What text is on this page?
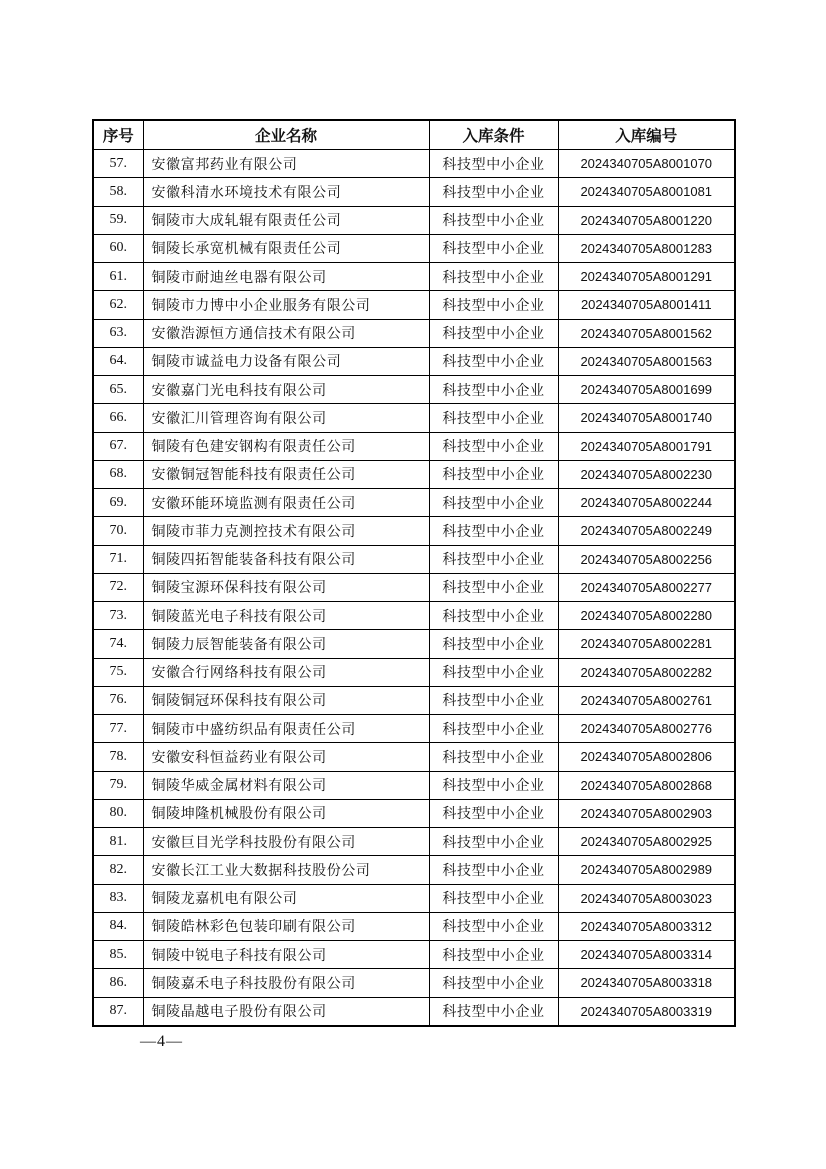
序号	企业名称	入库条件	入库编号
57.	安徽富邦药业有限公司	科技型中小企业	2024340705A8001070
58.	安徽科清水环境技术有限公司	科技型中小企业	2024340705A8001081
59.	铜陵市大成轧辊有限责任公司	科技型中小企业	2024340705A8001220
60.	铜陵长承宽机械有限责任公司	科技型中小企业	2024340705A8001283
61.	铜陵市耐迪丝电器有限公司	科技型中小企业	2024340705A8001291
62.	铜陵市力博中小企业服务有限公司	科技型中小企业	2024340705A8001411
63.	安徽浩源恒方通信技术有限公司	科技型中小企业	2024340705A8001562
64.	铜陵市诚益电力设备有限公司	科技型中小企业	2024340705A8001563
65.	安徽嘉门光电科技有限公司	科技型中小企业	2024340705A8001699
66.	安徽汇川管理咨询有限公司	科技型中小企业	2024340705A8001740
67.	铜陵有色建安钢构有限责任公司	科技型中小企业	2024340705A8001791
68.	安徽铜冠智能科技有限责任公司	科技型中小企业	2024340705A8002230
69.	安徽环能环境监测有限责任公司	科技型中小企业	2024340705A8002244
70.	铜陵市菲力克测控技术有限公司	科技型中小企业	2024340705A8002249
71.	铜陵四拓智能装备科技有限公司	科技型中小企业	2024340705A8002256
72.	铜陵宝源环保科技有限公司	科技型中小企业	2024340705A8002277
73.	铜陵蓝光电子科技有限公司	科技型中小企业	2024340705A8002280
74.	铜陵力辰智能装备有限公司	科技型中小企业	2024340705A8002281
75.	安徽合行网络科技有限公司	科技型中小企业	2024340705A8002282
76.	铜陵铜冠环保科技有限公司	科技型中小企业	2024340705A8002761
77.	铜陵市中盛纺织品有限责任公司	科技型中小企业	2024340705A8002776
78.	安徽安科恒益药业有限公司	科技型中小企业	2024340705A8002806
79.	铜陵华威金属材料有限公司	科技型中小企业	2024340705A8002868
80.	铜陵坤隆机械股份有限公司	科技型中小企业	2024340705A8002903
81.	安徽巨目光学科技股份有限公司	科技型中小企业	2024340705A8002925
82.	安徽长江工业大数据科技股份公司	科技型中小企业	2024340705A8002989
83.	铜陵龙嘉机电有限公司	科技型中小企业	2024340705A8003023
84.	铜陵皓林彩色包装印刷有限公司	科技型中小企业	2024340705A8003312
85.	铜陵中锐电子科技有限公司	科技型中小企业	2024340705A8003314
86.	铜陵嘉禾电子科技股份有限公司	科技型中小企业	2024340705A8003318
87.	铜陵晶越电子股份有限公司	科技型中小企业	2024340705A8003319
—4—
